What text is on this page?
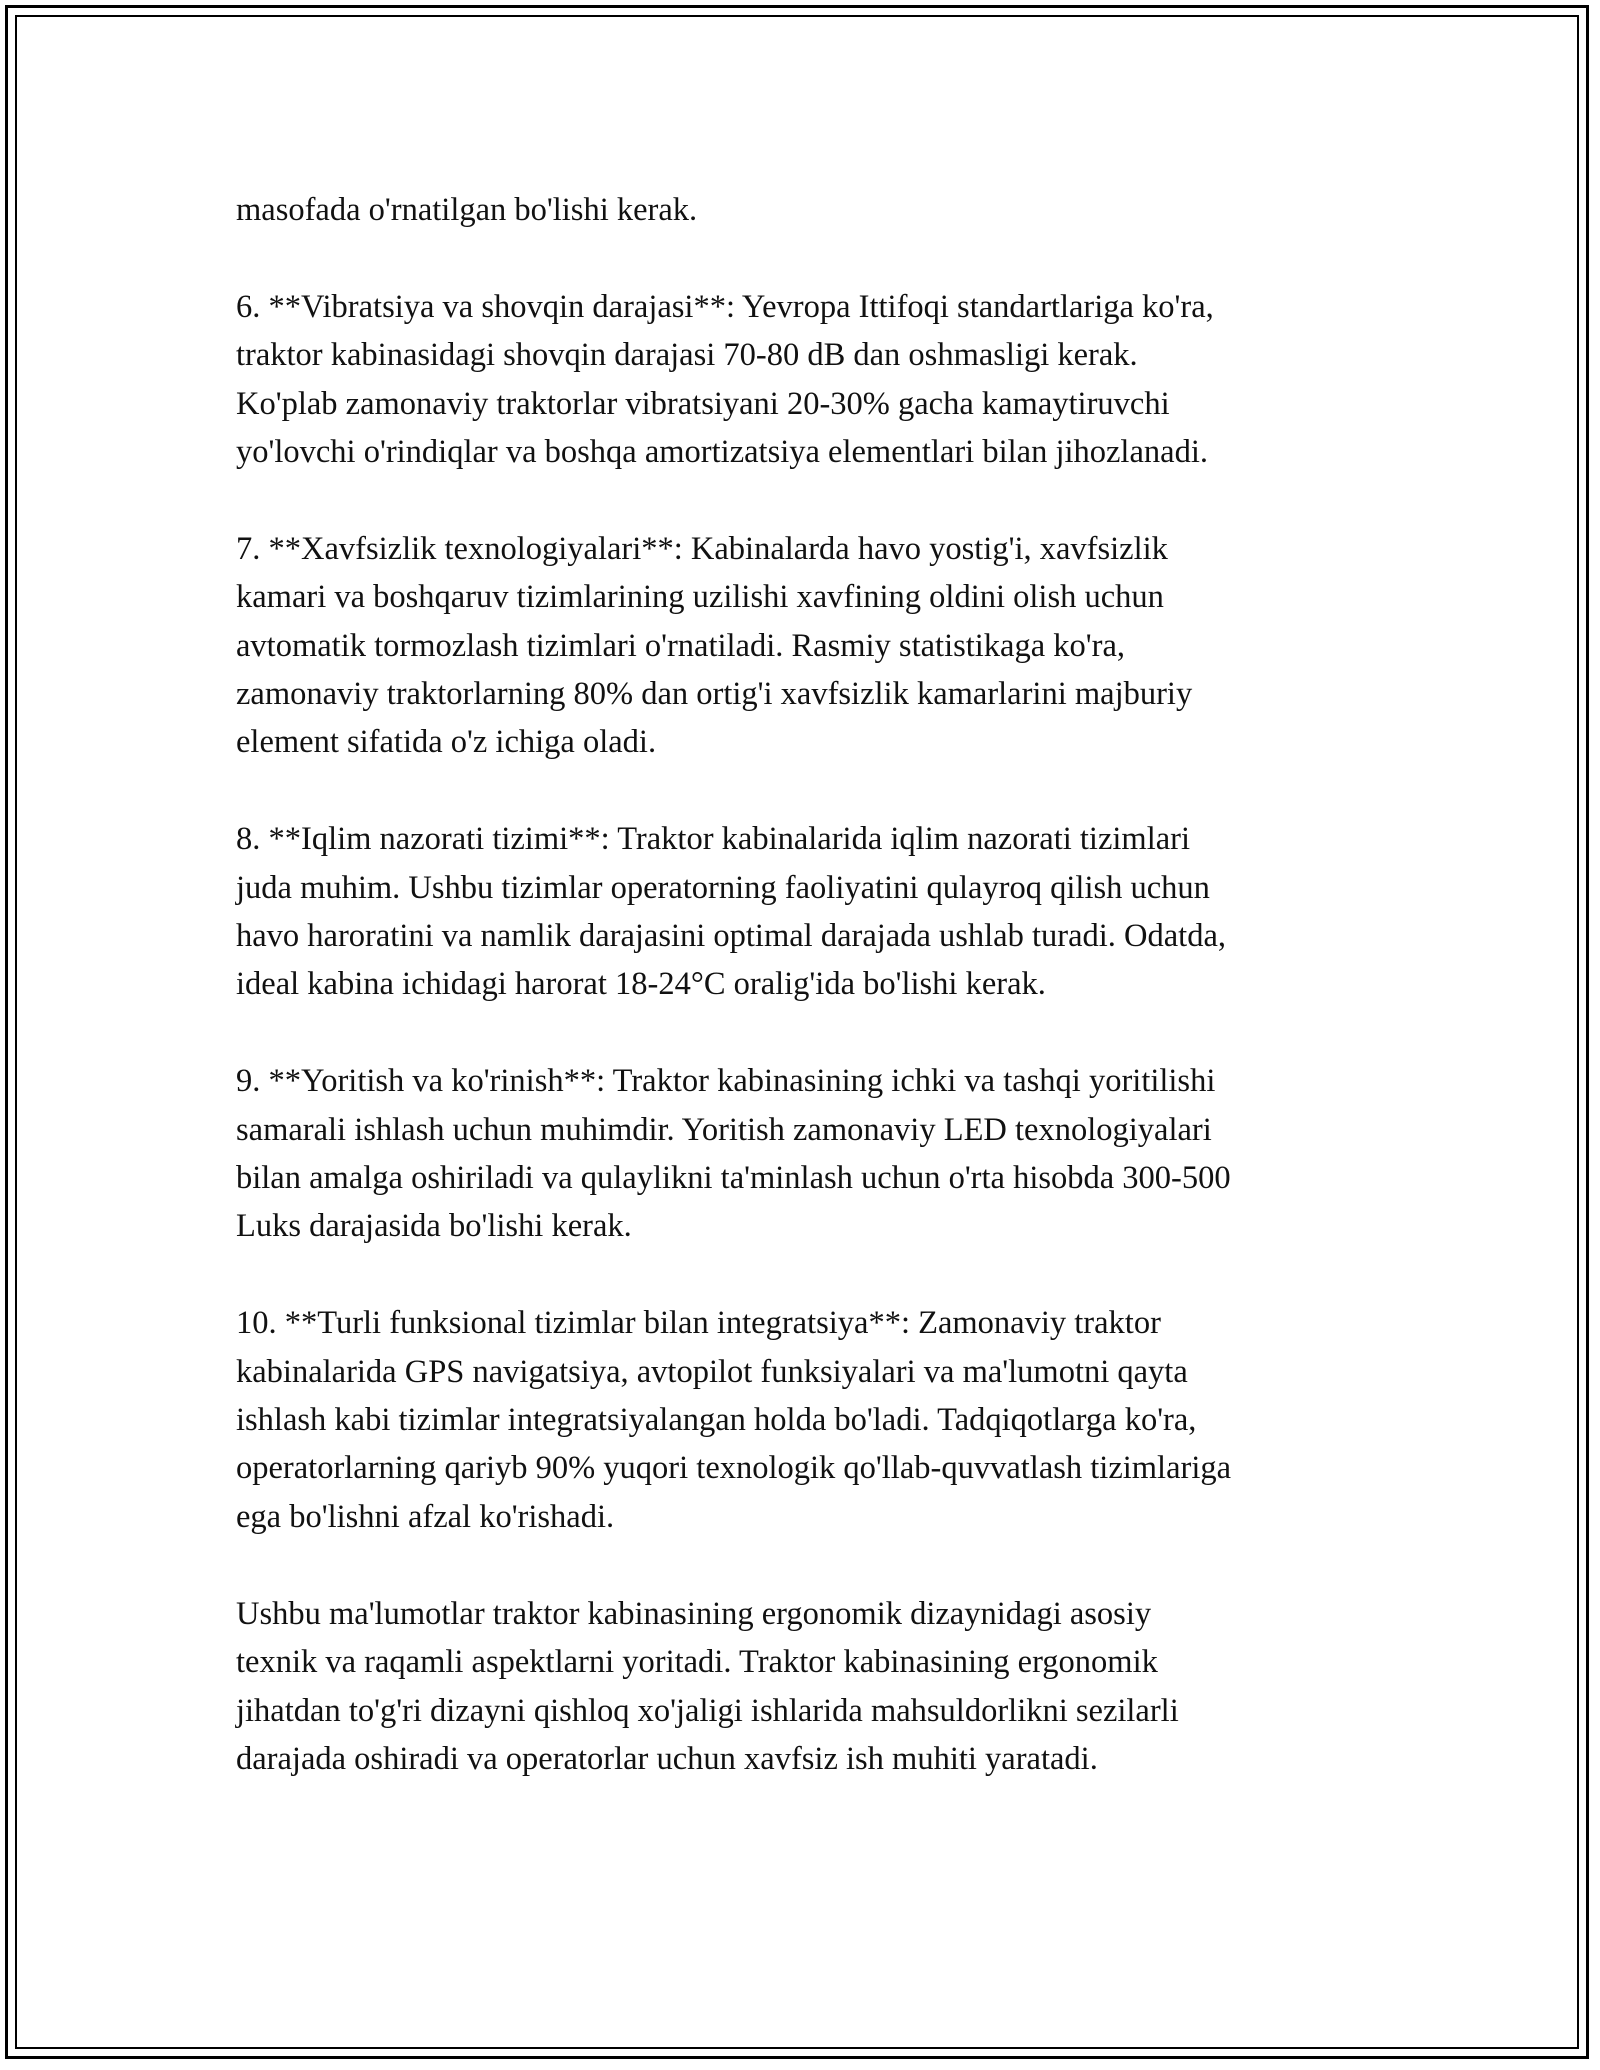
masofada o'rnatilgan bo'lishi kerak.

6. **Vibratsiya va shovqin darajasi**: Yevropa Ittifoqi standartlariga ko'ra,
traktor kabinasidagi shovqin darajasi 70-80 dB dan oshmasligi kerak.
Ko'plab zamonaviy traktorlar vibratsiyani 20-30% gacha kamaytiruvchi
yo'lovchi o'rindiqlar va boshqa amortizatsiya elementlari bilan jihozlanadi.

7. **Xavfsizlik texnologiyalari**: Kabinalarda havo yostig'i, xavfsizlik
kamari va boshqaruv tizimlarining uzilishi xavfining oldini olish uchun
avtomatik tormozlash tizimlari o'rnatiladi. Rasmiy statistikaga ko'ra,
zamonaviy traktorlarning 80% dan ortig'i xavfsizlik kamarlarini majburiy
element sifatida o'z ichiga oladi.

8. **Iqlim nazorati tizimi**: Traktor kabinalarida iqlim nazorati tizimlari
juda muhim. Ushbu tizimlar operatorning faoliyatini qulayroq qilish uchun
havo haroratini va namlik darajasini optimal darajada ushlab turadi. Odatda,
ideal kabina ichidagi harorat 18-24°C oralig'ida bo'lishi kerak.

9. **Yoritish va ko'rinish**: Traktor kabinasining ichki va tashqi yoritilishi
samarali ishlash uchun muhimdir. Yoritish zamonaviy LED texnologiyalari
bilan amalga oshiriladi va qulaylikni ta'minlash uchun o'rta hisobda 300-500
Luks darajasida bo'lishi kerak.

10. **Turli funksional tizimlar bilan integratsiya**: Zamonaviy traktor
kabinalarida GPS navigatsiya, avtopilot funksiyalari va ma'lumotni qayta
ishlash kabi tizimlar integratsiyalangan holda bo'ladi. Tadqiqotlarga ko'ra,
operatorlarning qariyb 90% yuqori texnologik qo'llab-quvvatlash tizimlariga
ega bo'lishni afzal ko'rishadi.

Ushbu ma'lumotlar traktor kabinasining ergonomik dizaynidagi asosiy
texnik va raqamli aspektlarni yoritadi. Traktor kabinasining ergonomik
jihatdan to'g'ri dizayni qishloq xo'jaligi ishlarida mahsuldorlikni sezilarli
darajada oshiradi va operatorlar uchun xavfsiz ish muhiti yaratadi.
